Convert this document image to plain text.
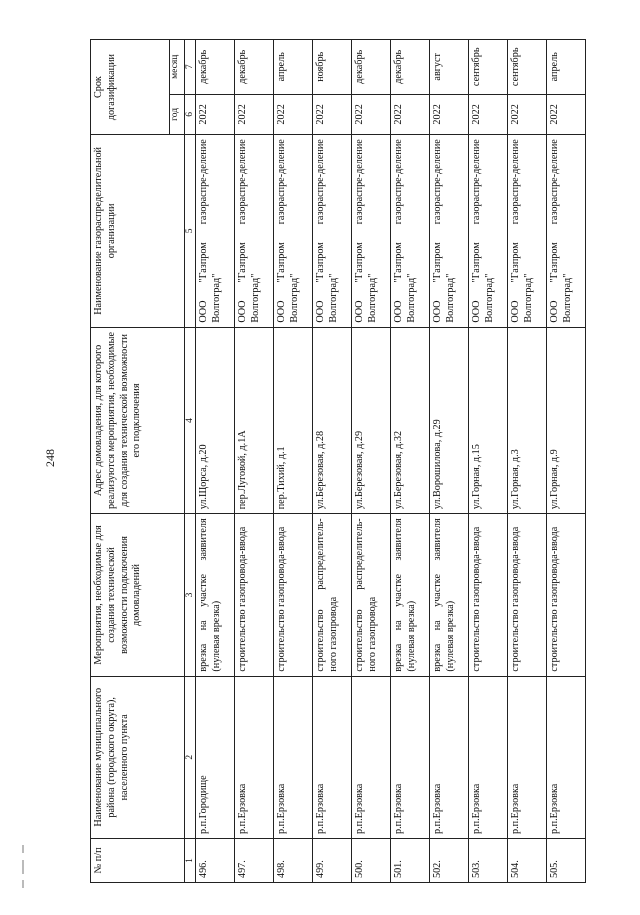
248
№ п/п	Наименование муниципального района (городского округа), населенного пункта	Мероприятия, необходимые для создания технической возможности подключения домовладений	Адрес домовладения, для которого реализуются мероприятия, необходимые для создания технической возможности его подключения	Наименование газораспределительной организации	Срок догазификации	
					год	месяц
1	2	3	4	5	6	7
496.	р.п.Городище	врезка на участке заявителя (нулевая врезка)	ул.Щорса, д.20	ООО "Газпром газораспре-деление Волгоград"	2022	декабрь
497.	р.п.Ерзовка	строительство газопровода-ввода	пер.Луговой, д.1А	ООО "Газпром газораспре-деление Волгоград"	2022	декабрь
498.	р.п.Ерзовка	строительство газопровода-ввода	пер.Тихий, д.1	ООО "Газпром газораспре-деление Волгоград"	2022	апрель
499.	р.п.Ерзовка	строительство распределитель-ного газопровода	ул.Березовая, д.28	ООО "Газпром газораспре-деление Волгоград"	2022	ноябрь
500.	р.п.Ерзовка	строительство распределитель-ного газопровода	ул.Березовая, д.29	ООО "Газпром газораспре-деление Волгоград"	2022	декабрь
501.	р.п.Ерзовка	врезка на участке заявителя (нулевая врезка)	ул.Березовая, д.32	ООО "Газпром газораспре-деление Волгоград"	2022	декабрь
502.	р.п.Ерзовка	врезка на участке заявителя (нулевая врезка)	ул.Ворошилова, д.29	ООО "Газпром газораспре-деление Волгоград"	2022	август
503.	р.п.Ерзовка	строительство газопровода-ввода	ул.Горная, д.15	ООО "Газпром газораспре-деление Волгоград"	2022	сентябрь
504.	р.п.Ерзовка	строительство газопровода-ввода	ул.Горная, д.3	ООО "Газпром газораспре-деление Волгоград"	2022	сентябрь
505.	р.п.Ерзовка	строительство газопровода-ввода	ул.Горная, д.9	ООО "Газпром газораспре-деление Волгоград"	2022	апрель
